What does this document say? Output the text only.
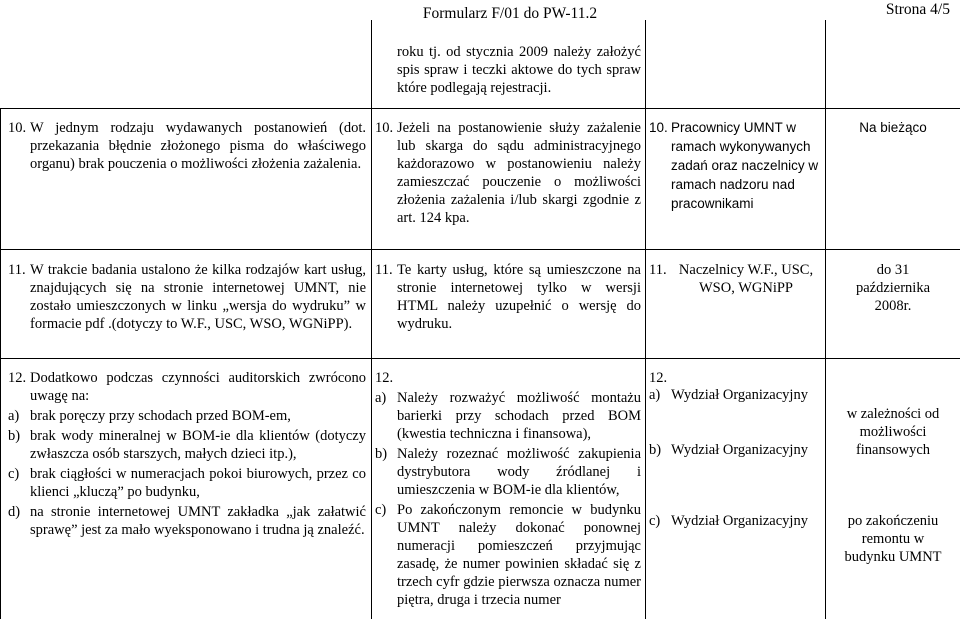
Formularz F/01 do PW-11.2	Strona 4/5
roku tj. od stycznia 2009 należy założyć spis spraw i teczki aktowe do tych spraw które podlegają rejestracji.
10. W jednym rodzaju wydawanych postanowień (dot. przekazania błędnie złożonego pisma do właściwego organu) brak pouczenia o możliwości złożenia zażalenia.
10. Jeżeli na postanowienie służy zażalenie lub skarga do sądu administracyjnego każdorazowo w postanowieniu należy zamieszczać pouczenie o możliwości złożenia zażalenia i/lub skargi zgodnie z art. 124 kpa.
10. Pracownicy UMNT w ramach wykonywanych zadań oraz naczelnicy w ramach nadzoru nad pracownikami
Na bieżąco
11. W trakcie badania ustalono że kilka rodzajów kart usług, znajdujących się na stronie internetowej UMNT, nie zostało umieszczonych w linku „wersja do wydruku” w formacie pdf .(dotyczy to W.F., USC, WSO, WGNiPP).
11. Te karty usług, które są umieszczone na stronie internetowej tylko w wersji HTML należy uzupełnić o wersję do wydruku.
11. Naczelnicy W.F., USC, WSO, WGNiPP
do 31 października 2008r.
12. Dodatkowo podczas czynności auditorskich zwrócono uwagę na:
a) brak poręczy przy schodach przed BOM-em,
b) brak wody mineralnej w BOM-ie dla klientów (dotyczy zwłaszcza osób starszych, małych dzieci itp.),
c) brak ciągłości w numeracjach pokoi biurowych, przez co klienci „kluczą” po budynku,
d) na stronie internetowej UMNT zakładka „jak załatwić sprawę” jest za mało wyeksponowano i trudna ją znaleźć.
12.
a) Należy rozważyć możliwość montażu barierki przy schodach przed BOM (kwestia techniczna i finansowa),
b) Należy rozeznać możliwość zakupienia dystrybutora wody źródlanej i umieszczenia w BOM-ie dla klientów,
c) Po zakończonym remoncie w budynku UMNT należy dokonać ponownej numeracji pomieszczeń przyjmując zasadę, że numer powinien składać się z trzech cyfr gdzie pierwsza oznacza numer piętra, druga i trzecia numer
12.
a) Wydział Organizacyjny
b) Wydział Organizacyjny
c) Wydział Organizacyjny
w zależności od możliwości finansowych
po zakończeniu remontu w budynku UMNT
